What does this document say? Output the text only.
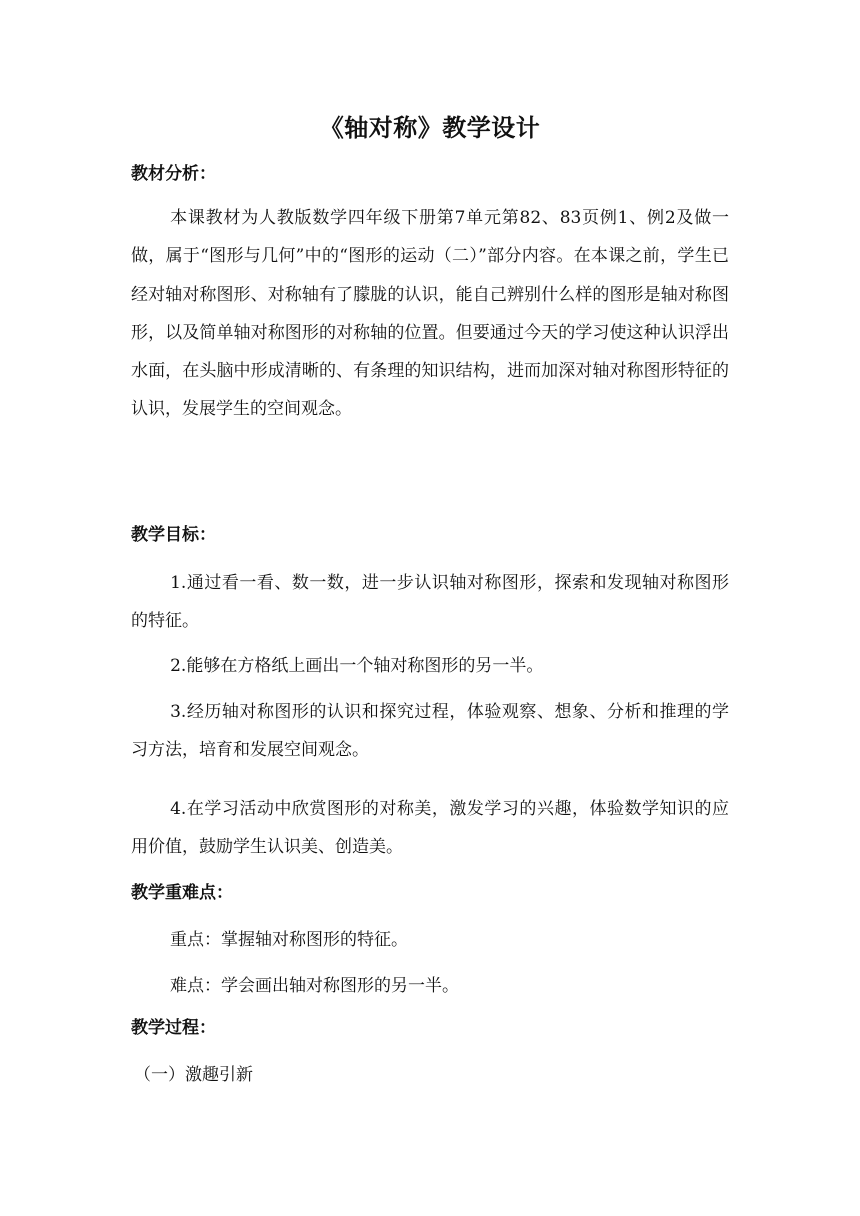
《轴对称》教学设计
教材分析：
本课教材为人教版数学四年级下册第7单元第82、83页例1、例2及做一做，属于“图形与几何”中的“图形的运动（二）”部分内容。在本课之前，学生已经对轴对称图形、对称轴有了朦胧的认识，能自己辨别什么样的图形是轴对称图形，以及简单轴对称图形的对称轴的位置。但要通过今天的学习使这种认识浮出水面，在头脑中形成清晰的、有条理的知识结构，进而加深对轴对称图形特征的认识，发展学生的空间观念。
教学目标：
1.通过看一看、数一数，进一步认识轴对称图形，探索和发现轴对称图形的特征。
2.能够在方格纸上画出一个轴对称图形的另一半。
3.经历轴对称图形的认识和探究过程，体验观察、想象、分析和推理的学习方法，培育和发展空间观念。
4.在学习活动中欣赏图形的对称美，激发学习的兴趣，体验数学知识的应用价值，鼓励学生认识美、创造美。
教学重难点：
重点：掌握轴对称图形的特征。
难点：学会画出轴对称图形的另一半。
教学过程：
（一）激趣引新
